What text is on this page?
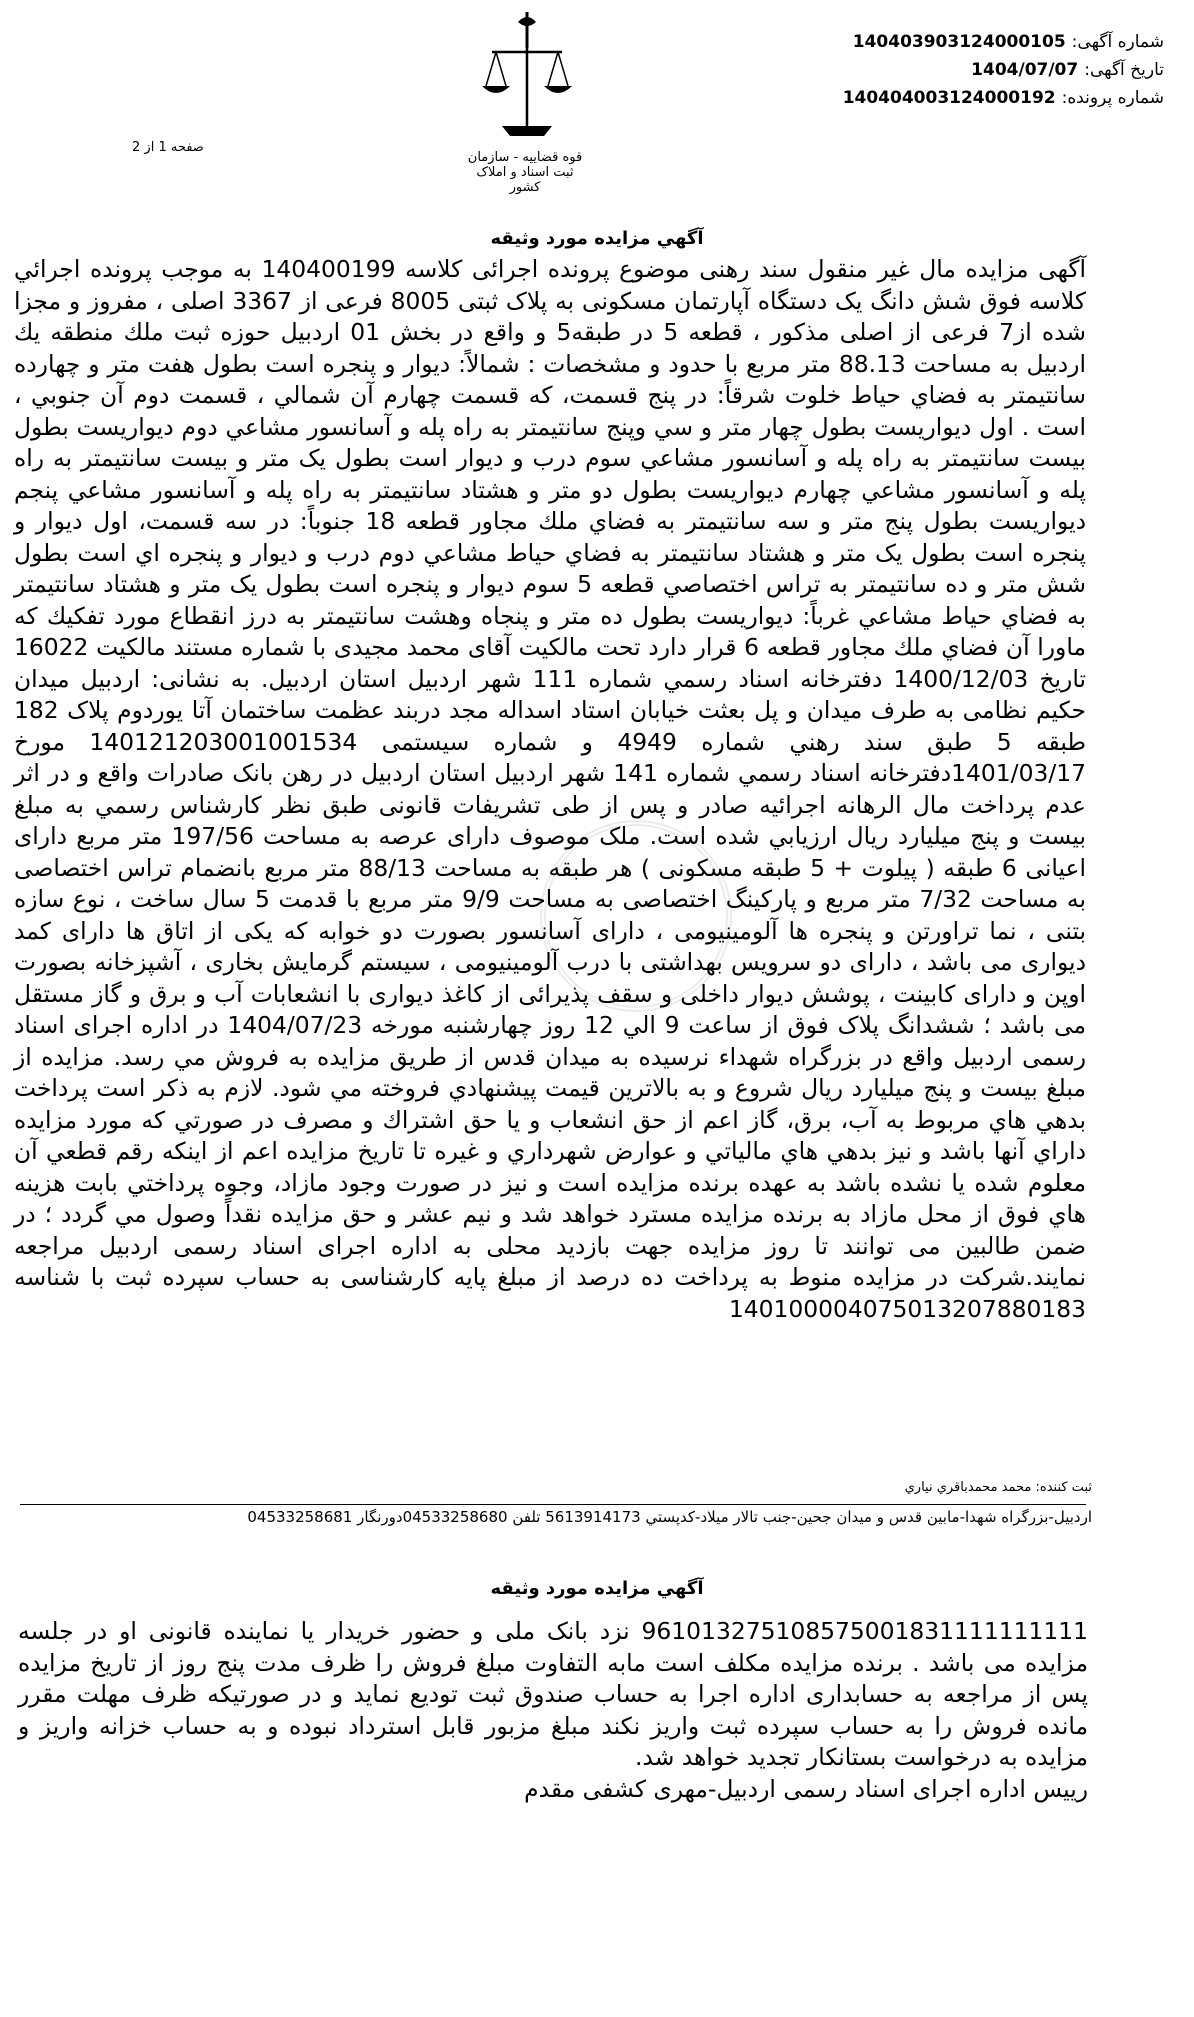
شماره آگهی:
140403903124000105
تاریخ آگهی:
1404/07/07
شماره پرونده:
140404003124000192
قوه قضاییه - سازمان ثبت اسناد و املاک کشور
صفحه 1 از 2
آگهي مزايده مورد وثيقه
آگهی مزایده مال غیر منقول سند رهنی موضوع پرونده اجرائی کلاسه 140400199 به موجب پرونده اجرائي کلاسه فوق شش دانگ یک دستگاه آپارتمان مسکونی به پلاک ثبتی 8005 فرعی از 3367 اصلی ، مفروز و مجزا شده از7 فرعی از اصلی مذکور ، قطعه 5 در طبقه5 و واقع در بخش 01 اردبيل حوزه ثبت ملك منطقه يك اردبيل به مساحت 88.13 متر مربع با حدود و مشخصات : شمالاً: ديوار و پنجره است بطول هفت متر و چهارده سانتيمتر به فضاي حياط خلوت شرقاً: در پنج قسمت، كه قسمت چهارم آن شمالي ، قسمت دوم آن جنوبي ، است . اول ديواريست بطول چهار متر و سي وپنج سانتيمتر به راه پله و آسانسور مشاعي دوم ديواريست بطول بيست سانتيمتر به راه پله و آسانسور مشاعي سوم درب و ديوار است بطول یک متر و بيست سانتيمتر به راه پله و آسانسور مشاعي چهارم ديواريست بطول دو متر و هشتاد سانتيمتر به راه پله و آسانسور مشاعي پنجم ديواريست بطول پنج متر و سه سانتيمتر به فضاي ملك مجاور قطعه 18 جنوباً: در سه قسمت، اول ديوار و پنجره است بطول یک متر و هشتاد سانتيمتر به فضاي حياط مشاعي دوم درب و ديوار و پنجره اي است بطول شش متر و ده سانتيمتر به تراس اختصاصي قطعه 5 سوم ديوار و پنجره است بطول یک متر و هشتاد سانتيمتر به فضاي حياط مشاعي غرباً: ديواريست بطول ده متر و پنجاه وهشت سانتيمتر به درز انقطاع مورد تفكيك كه ماورا آن فضاي ملك مجاور قطعه 6 قرار دارد تحت مالکیت آقای محمد مجیدی با شماره مستند مالکیت 16022 تاريخ 1400/12/03 دفترخانه اسناد رسمي شماره 111 شهر اردبیل استان اردبیل. به نشانی: اردبیل میدان حکیم نظامی به طرف میدان و پل بعثت خيابان استاد اسداله مجد دربند عظمت ساختمان آتا يوردوم پلاک 182 طبقه 5 طبق سند رهني شماره 4949 و شماره سیستمی 140121203001001534 مورخ 1401/03/17دفترخانه اسناد رسمي شماره 141 شهر اردبیل استان اردبیل در رهن بانک صادرات واقع و در اثر عدم پرداخت مال الرهانه اجرائیه صادر و پس از طی تشریفات قانونی طبق نظر کارشناس رسمي به مبلغ بیست و پنج میلیارد ریال ارزيابي شده است. ملک موصوف دارای عرصه به مساحت 197/56 متر مربع دارای اعیانی 6 طبقه ( پیلوت + 5 طبقه مسکونی ) هر طبقه به مساحت 88/13 متر مربع بانضمام تراس اختصاصی به مساحت 7/32 متر مربع و پارکینگ اختصاصی به مساحت 9/9 متر مربع با قدمت 5 سال ساخت ، نوع سازه بتنی ، نما تراورتن و پنجره ها آلومینیومی ، دارای آسانسور بصورت دو خوابه که یکی از اتاق ها دارای کمد دیواری می باشد ، دارای دو سرویس بهداشتی با درب آلومینیومی ، سیستم گرمایش بخاری ، آشپزخانه بصورت اوپن و دارای کابینت ، پوشش دیوار داخلی و سقف پذیرائی از کاغذ دیواری با انشعابات آب و برق و گاز مستقل می باشد ؛ ششدانگ پلاک فوق از ساعت 9 الي 12 روز چهارشنبه مورخه 1404/07/23 در اداره اجرای اسناد رسمی اردبیل واقع در بزرگراه شهداء نرسیده به میدان قدس از طريق مزايده به فروش مي رسد. مزایده از مبلغ بیست و پنج میلیارد ریال شروع و به بالاترين قيمت پيشنهادي فروخته مي شود. لازم به ذكر است پرداخت بدهي هاي مربوط به آب، برق، گاز اعم از حق انشعاب و يا حق اشتراك و مصرف در صورتي كه مورد مزايده داراي آنها باشد و نيز بدهي هاي مالياتي و عوارض شهرداري و غيره تا تاريخ مزايده اعم از اينكه رقم قطعي آن معلوم شده يا نشده باشد به عهده برنده مزايده است و نيز در صورت وجود مازاد، وجوه پرداختي بابت هزينه هاي فوق از محل مازاد به برنده مزايده مسترد خواهد شد و نیم عشر و حق مزایده نقداً وصول مي گردد ؛ در ضمن طالبين می توانند تا روز مزایده جهت بازديد محلی به اداره اجرای اسناد رسمی اردبیل مراجعه نمایند.شرکت در مزايده منوط به پرداخت ده درصد از مبلغ پایه کارشناسی به حساب سپرده ثبت با شناسه 140100004075013207880183
ثبت كننده: محمد محمدباقري نياري
اردبيل-بزرگراه شهدا-مابين قدس و ميدان جحين-جنب تالار ميلاد-كدپستي 5613914173 تلفن 04533258680دورنگار 04533258681
آگهي مزايده مورد وثيقه
961013275108575001831111111111 نزد بانک ملی و حضور خریدار یا نماینده قانونی او در جلسه مزایده می باشد . برنده مزایده مکلف است مابه التفاوت مبلغ فروش را ظرف مدت پنج روز از تاریخ مزایده پس از مراجعه به حسابداری اداره اجرا به حساب صندوق ثبت توديع نمايد و در صورتیکه ظرف مهلت مقرر مانده فروش را به حساب سپرده ثبت واریز نکند مبلغ مزبور قابل استرداد نبوده و به حساب خزانه واریز و مزایده به درخواست بستانکار تجدید خواهد شد.
رییس اداره اجرای اسناد رسمی اردبیل-مهری کشفی مقدم
